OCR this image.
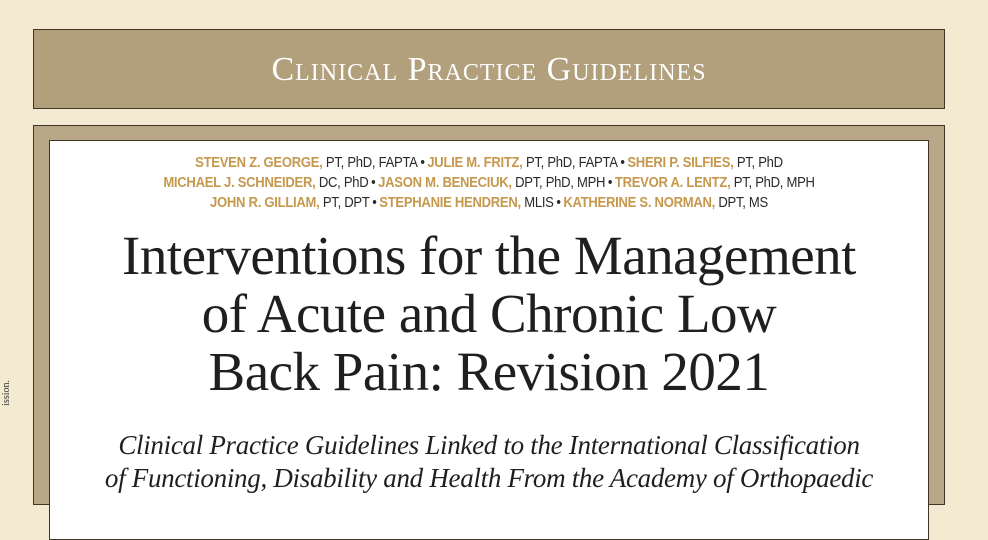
ission.
Clinical Practice Guidelines
STEVEN Z. GEORGE, PT, PhD, FAPTA • JULIE M. FRITZ, PT, PhD, FAPTA • SHERI P. SILFIES, PT, PhD
MICHAEL J. SCHNEIDER, DC, PhD • JASON M. BENECIUK, DPT, PhD, MPH • TREVOR A. LENTZ, PT, PhD, MPH
JOHN R. GILLIAM, PT, DPT • STEPHANIE HENDREN, MLIS • KATHERINE S. NORMAN, DPT, MS
Interventions for the Management
of Acute and Chronic Low
Back Pain: Revision 2021

Clinical Practice Guidelines Linked to the International Classification
of Functioning, Disability and Health From the Academy of Orthopaedic
